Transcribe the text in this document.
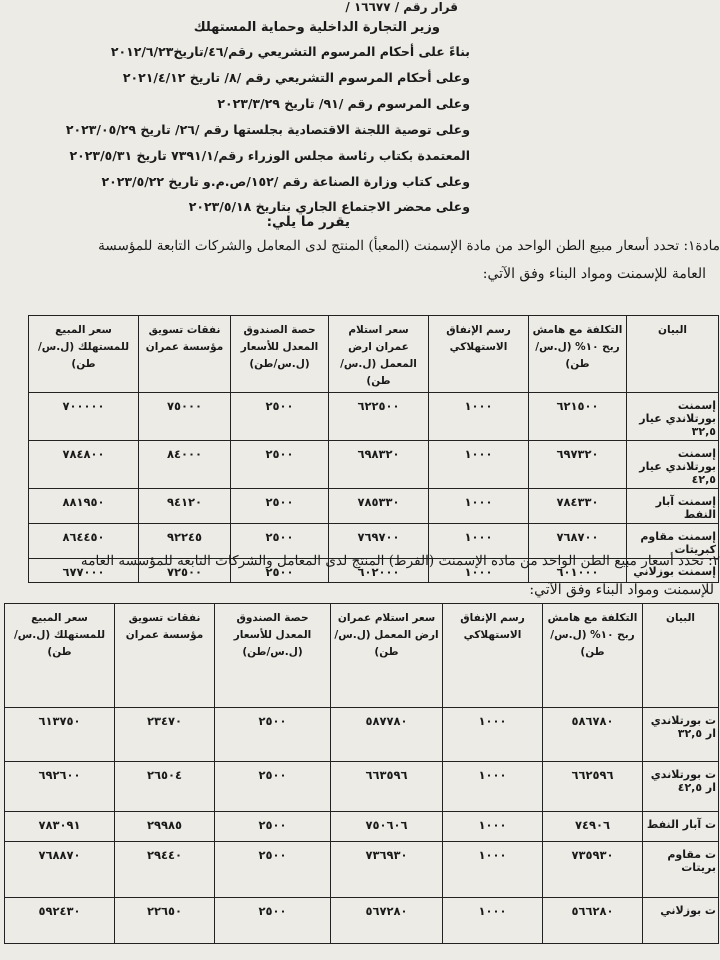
قرار رقم / ١٦٦٧٧ /
وزير التجارة الداخلية وحماية المستهلك
بناءً على أحكام المرسوم التشريعي رقم/٤٦/تاريخ٢٠١٢/٦/٢٣
وعلى أحكام المرسوم التشريعي رقم /٨/ تاريخ ٢٠٢١/٤/١٢
وعلى المرسوم رقم /٩١/ تاريخ ٢٠٢٣/٣/٢٩
وعلى توصية اللجنة الاقتصادية بجلستها رقم /٢٦/ تاريخ ٢٠٢٣/٠٥/٢٩
المعتمدة بكتاب رئاسة مجلس الوزراء رقم/٧٣٩١/١ تاريخ ٢٠٢٣/٥/٣١
وعلى كتاب وزارة الصناعة رقم /١٥٢/ص.م.و تاريخ ٢٠٢٣/٥/٢٢
وعلى محضر الاجتماع الجاري بتاريخ ٢٠٢٣/٥/١٨
يقرر ما يلي:
مادة١: تحدد أسعار مبيع الطن الواحد من مادة الإسمنت (المعبأ) المنتج لدى المعامل والشركات التابعة للمؤسسة
العامة للإسمنت ومواد البناء وفق الآتي:
البيان	التكلفة مع هامش ربح ١٠% (ل.س/طن)	رسم الإنفاق الاستهلاكي	سعر استلام عمران ارض المعمل (ل.س/طن)	حصة الصندوق المعدل للأسعار (ل.س/طن)	نفقات تسويق مؤسسة عمران	سعر المبيع للمستهلك (ل.س/طن)
إسمنت بورتلاندي عيار ٣٢,٥	٦٢١٥٠٠	١٠٠٠	٦٢٢٥٠٠	٢٥٠٠	٧٥٠٠٠	٧٠٠٠٠٠
إسمنت بورتلاندي عيار ٤٢,٥	٦٩٧٣٢٠	١٠٠٠	٦٩٨٣٢٠	٢٥٠٠	٨٤٠٠٠	٧٨٤٨٠٠
إسمنت آبار النفط	٧٨٤٣٣٠	١٠٠٠	٧٨٥٣٣٠	٢٥٠٠	٩٤١٢٠	٨٨١٩٥٠
إسمنت مقاوم كبريتات	٧٦٨٧٠٠	١٠٠٠	٧٦٩٧٠٠	٢٥٠٠	٩٢٢٤٥	٨٦٤٤٥٠
إسمنت بوزلاني	٦٠١٠٠٠	١٠٠٠	٦٠٢٠٠٠	٢٥٠٠	٧٢٥٠٠	٦٧٧٠٠٠
٢: تحدد أسعار مبيع الطن الواحد من مادة الإسمنت (الفرط) المنتج لدى المعامل والشركات التابعة للمؤسسة العامة
للإسمنت ومواد البناء وفق الآتي:
البيان	التكلفة مع هامش ربح ١٠% (ل.س/طن)	رسم الإنفاق الاستهلاكي	سعر استلام عمران ارض المعمل (ل.س/طن)	حصة الصندوق المعدل للأسعار (ل.س/طن)	نفقات تسويق مؤسسة عمران	سعر المبيع للمستهلك (ل.س/طن)
ت بورتلاندي ار ٣٢,٥	٥٨٦٧٨٠	١٠٠٠	٥٨٧٧٨٠	٢٥٠٠	٢٣٤٧٠	٦١٣٧٥٠
ت بورتلاندي ار ٤٢,٥	٦٦٢٥٩٦	١٠٠٠	٦٦٣٥٩٦	٢٥٠٠	٢٦٥٠٤	٦٩٢٦٠٠
ت آبار النفط	٧٤٩٠٦	١٠٠٠	٧٥٠٦٠٦	٢٥٠٠	٢٩٩٨٥	٧٨٣٠٩١
ت مقاوم بريتات	٧٣٥٩٣٠	١٠٠٠	٧٣٦٩٣٠	٢٥٠٠	٢٩٤٤٠	٧٦٨٨٧٠
ت بوزلاني	٥٦٦٢٨٠	١٠٠٠	٥٦٧٢٨٠	٢٥٠٠	٢٢٦٥٠	٥٩٢٤٣٠
